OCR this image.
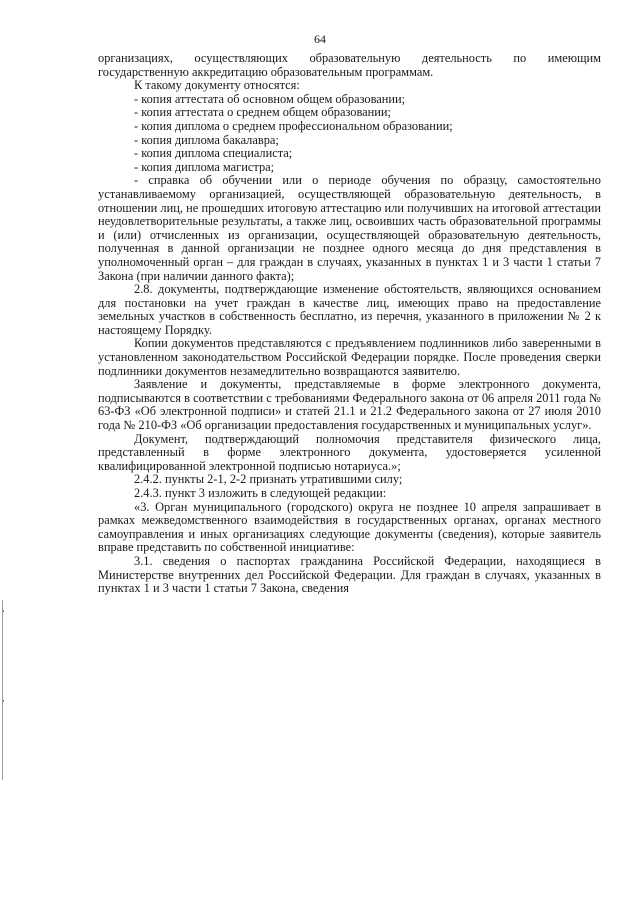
64

организациях, осуществляющих образовательную деятельность по имеющим государственную аккредитацию образовательным программам.

К такому документу относятся:

- копия аттестата об основном общем образовании;

- копия аттестата о среднем общем образовании;

- копия диплома о среднем профессиональном образовании;

- копия диплома бакалавра;

- копия диплома специалиста;

- копия диплома магистра;

- справка об обучении или о периоде обучения по образцу, самостоятельно устанавливаемому организацией, осуществляющей образовательную деятельность, в отношении лиц, не прошедших итоговую аттестацию или получивших на итоговой аттестации неудовлетворительные результаты, а также лиц, освоивших часть образовательной программы и (или) отчисленных из организации, осуществляющей образовательную деятельность, полученная в данной организации не позднее одного месяца до дня представления в уполномоченный орган – для граждан в случаях, указанных в пунктах 1 и 3 части 1 статьи 7 Закона (при наличии данного факта);

2.8. документы, подтверждающие изменение обстоятельств, являющихся основанием для постановки на учет граждан в качестве лиц, имеющих право на предоставление земельных участков в собственность бесплатно, из перечня, указанного в приложении № 2 к настоящему Порядку.

Копии документов представляются с предъявлением подлинников либо заверенными в установленном законодательством Российской Федерации порядке. После проведения сверки подлинники документов незамедлительно возвращаются заявителю.

Заявление и документы, представляемые в форме электронного документа, подписываются в соответствии с требованиями Федерального закона от 06 апреля 2011 года № 63-ФЗ «Об электронной подписи» и статей 21.1 и 21.2 Федерального закона от 27 июля 2010 года № 210-ФЗ «Об организации предоставления государственных и муниципальных услуг».

Документ, подтверждающий полномочия представителя физического лица, представленный в форме электронного документа, удостоверяется усиленной квалифицированной электронной подписью нотариуса.»;

2.4.2. пункты 2-1, 2-2 признать утратившими силу;

2.4.3. пункт 3 изложить в следующей редакции:

«3. Орган муниципального (городского) округа не позднее 10 апреля запрашивает в рамках межведомственного взаимодействия в государственных органах, органах местного самоуправления и иных организациях следующие документы (сведения), которые заявитель вправе представить по собственной инициативе:

3.1. сведения о паспортах гражданина Российской Федерации, находящиеся в Министерстве внутренних дел Российской Федерации. Для граждан в случаях, указанных в пунктах 1 и 3 части 1 статьи 7 Закона, сведения
